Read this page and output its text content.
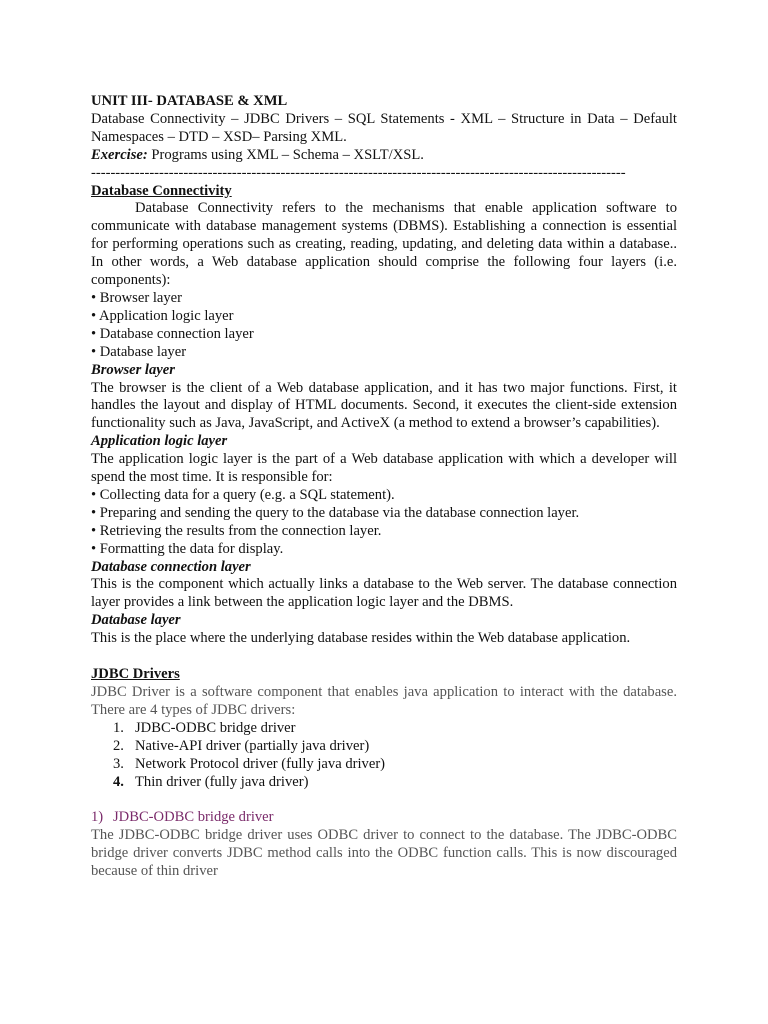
UNIT III- DATABASE & XML

Database Connectivity – JDBC Drivers – SQL Statements - XML – Structure in Data – Default Namespaces – DTD – XSD– Parsing XML.

Exercise: Programs using XML – Schema – XSLT/XSL.

--------------------------------------------------------------------------------------------------------------

Database Connectivity

Database Connectivity refers to the mechanisms that enable application software to communicate with database management systems (DBMS). Establishing a connection is essential for performing operations such as creating, reading, updating, and deleting data within a database.. In other words, a Web database application should comprise the following four layers (i.e. components):

• Browser layer
• Application logic layer
• Database connection layer
• Database layer

Browser layer

The browser is the client of a Web database application, and it has two major functions. First, it handles the layout and display of HTML documents. Second, it executes the client-side extension functionality such as Java, JavaScript, and ActiveX (a method to extend a browser’s capabilities).

Application logic layer

The application logic layer is the part of a Web database application with which a developer will spend the most time. It is responsible for:

• Collecting data for a query (e.g. a SQL statement).
• Preparing and sending the query to the database via the database connection layer.
• Retrieving the results from the connection layer.
• Formatting the data for display.

Database connection layer

This is the component which actually links a database to the Web server. The database connection layer provides a link between the application logic layer and the DBMS.

Database layer

This is the place where the underlying database resides within the Web database application.

JDBC Drivers

JDBC Driver is a software component that enables java application to interact with the database. There are 4 types of JDBC drivers:

1. JDBC-ODBC bridge driver
2. Native-API driver (partially java driver)
3. Network Protocol driver (fully java driver)
4. Thin driver (fully java driver)

1) JDBC-ODBC bridge driver

The JDBC-ODBC bridge driver uses ODBC driver to connect to the database. The JDBC-ODBC bridge driver converts JDBC method calls into the ODBC function calls. This is now discouraged because of thin driver
